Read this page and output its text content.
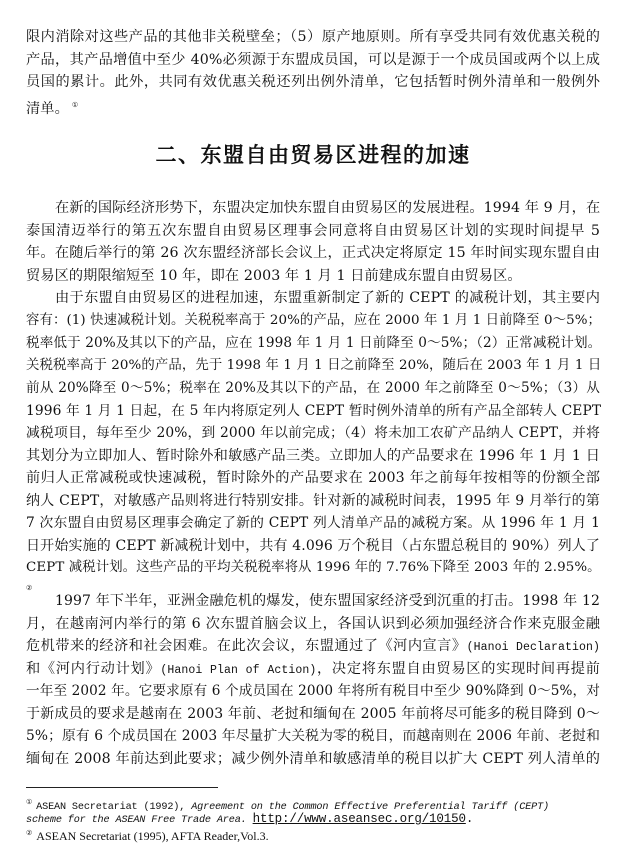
限内消除对这些产品的其他非关税壁垒；（5）原产地原则。所有享受共同有效优惠关税的
产品，其产品增值中至少 40%必须源于东盟成员国，可以是源于一个成员国或两个以上成
员国的累计。此外，共同有效优惠关税还列出例外清单，它包括暂时例外清单和一般例外
清单。 ①
二、东盟自由贸易区进程的加速
在新的国际经济形势下，东盟决定加快东盟自由贸易区的发展进程。1994 年 9 月，在
泰国清迈举行的第五次东盟自由贸易区理事会同意将自由贸易区计划的实现时间提早 5
年。在随后举行的第 26 次东盟经济部长会议上，正式决定将原定 15 年时间实现东盟自由
贸易区的期限缩短至 10 年，即在 2003 年 1 月 1 日前建成东盟自由贸易区。
由于东盟自由贸易区的进程加速，东盟重新制定了新的 CEPT 的减税计划，其主要内
容有：(1) 快速减税计划。关税税率高于 20%的产品，应在 2000 年 1 月 1 日前降至 0～5%；
税率低于 20%及其以下的产品，应在 1998 年 1 月 1 日前降至 0～5%；（2）正常减税计划。
关税税率高于 20%的产品，先于 1998 年 1 月 1 日之前降至 20%，随后在 2003 年 1 月 1 日
前从 20%降至 0～5%；税率在 20%及其以下的产品，在 2000 年之前降至 0～5%；（3）从
1996 年 1 月 1 日起，在 5 年内将原定列人 CEPT 暂时例外清单的所有产品全部转人 CEPT
减税项目，每年至少 20%，到 2000 年以前完成；（4）将未加工农矿产品纳人 CEPT，并将
其划分为立即加人、暂时除外和敏感产品三类。立即加人的产品要求在 1996 年 1 月 1 日
前归人正常减税或快速减税，暂时除外的产品要求在 2003 年之前每年按相等的份额全部
纳人 CEPT，对敏感产品则将进行特别安排。针对新的减税时间表，1995 年 9 月举行的第
7 次东盟自由贸易区理事会确定了新的 CEPT 列人清单产品的减税方案。从 1996 年 1 月 1
日开始实施的 CEPT 新减税计划中，共有 4.096 万个税目（占东盟总税目的 90%）列人了
CEPT 减税计划。这些产品的平均关税税率将从 1996 年的 7.76%下降至 2003 年的 2.95%。
②
1997 年下半年，亚洲金融危机的爆发，使东盟国家经济受到沉重的打击。1998 年 12
月，在越南河内举行的第 6 次东盟首脑会议上，各国认识到必须加强经济合作来克服金融
危机带来的经济和社会困难。在此次会议，东盟通过了《河内宣言》(Hanoi Declaration)
和《河内行动计划》(Hanoi Plan of Action)，决定将东盟自由贸易区的实现时间再提前
一年至 2002 年。它要求原有 6 个成员国在 2000 年将所有税目中至少 90%降到 0～5%，对
于新成员的要求是越南在 2003 年前、老挝和缅甸在 2005 年前将尽可能多的税目降到 0～
5%；原有 6 个成员国在 2003 年尽量扩大关税为零的税目，而越南则在 2006 年前、老挝和
缅甸在 2008 年前达到此要求；减少例外清单和敏感清单的税目以扩大 CEPT 列人清单的
① ASEAN Secretariat (1992), Agreement on the Common Effective Preferential Tariff (CEPT)
scheme for the ASEAN Free Trade Area. http://www.aseansec.org/10150.
② ASEAN Secretariat (1995), AFTA Reader,Vol.3.
